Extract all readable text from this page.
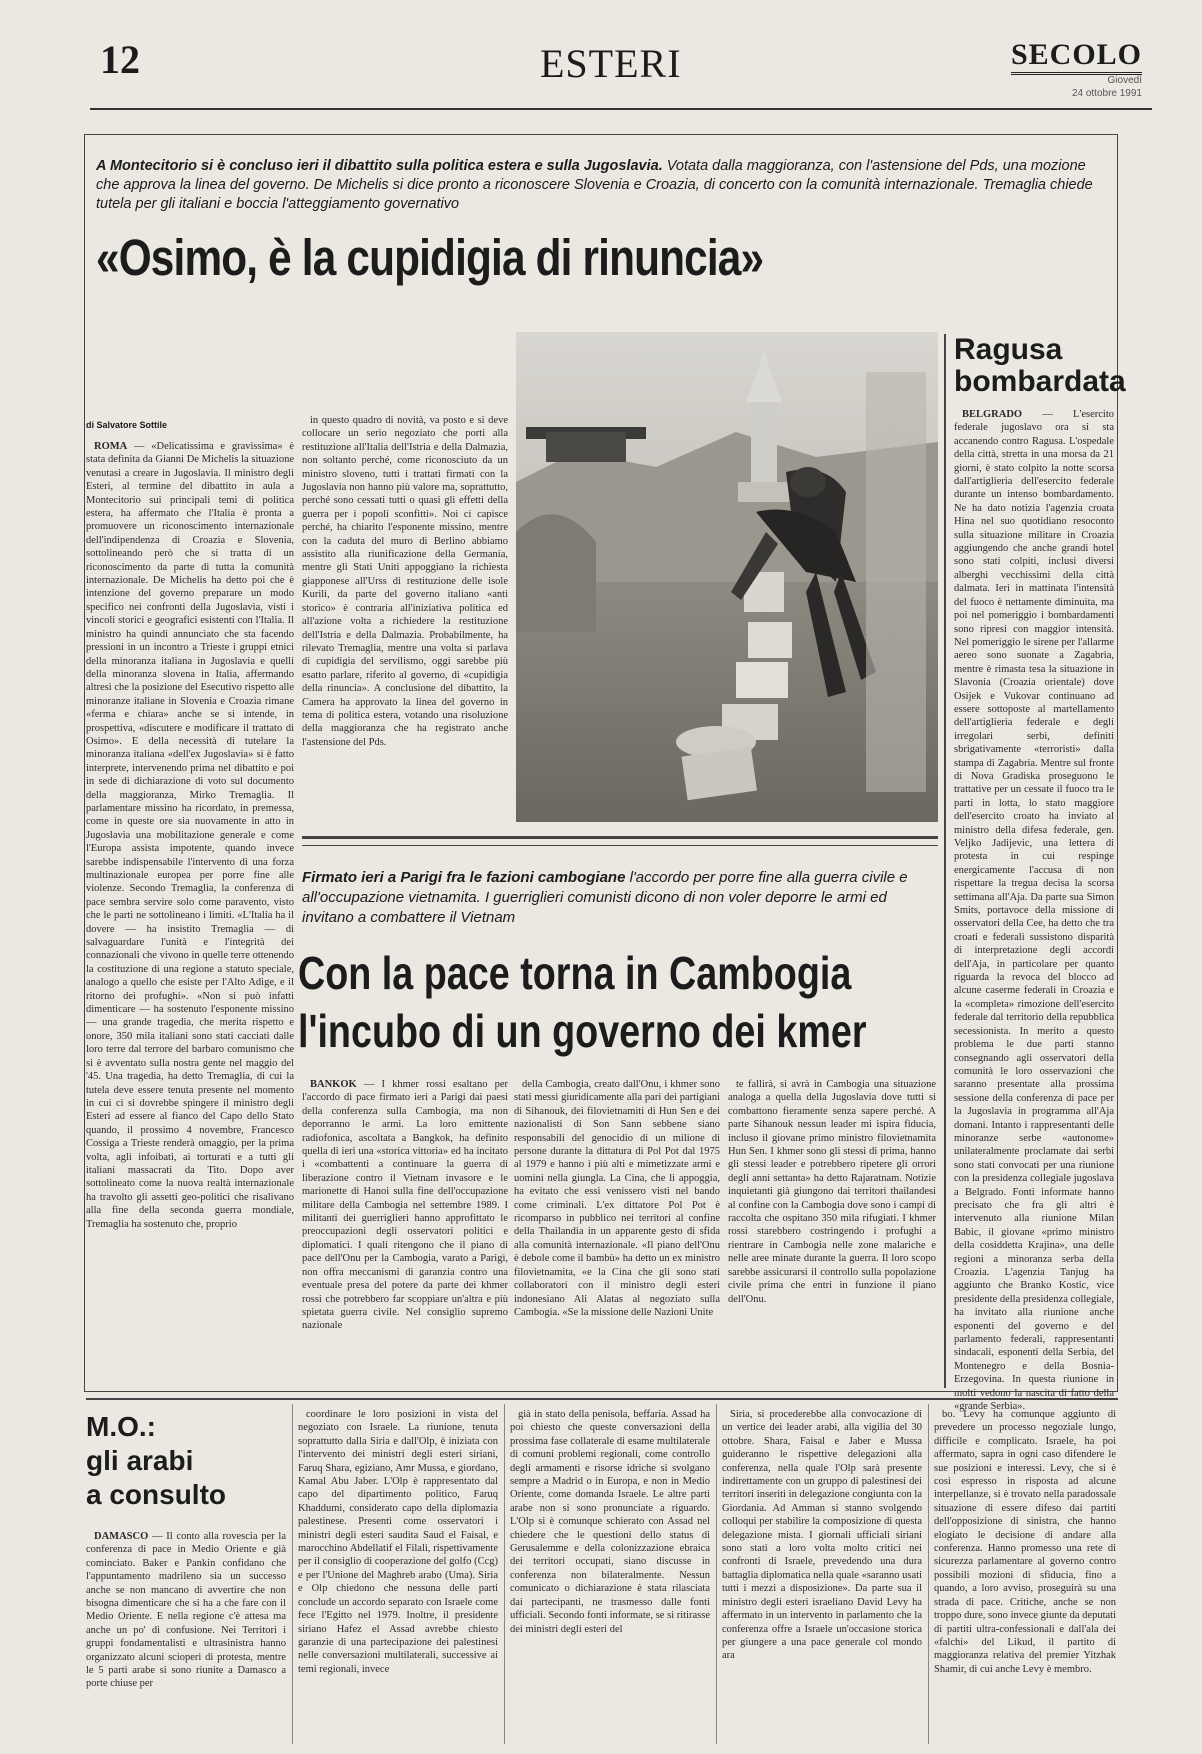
12	ESTERI	SECOLO
Giovedì
24 ottobre 1991
A Montecitorio si è concluso ieri il dibattito sulla politica estera e sulla Jugoslavia. Votata dalla maggioranza, con l'astensione del Pds, una mozione che approva la linea del governo. De Michelis si dice pronto a riconoscere Slovenia e Croazia, di concerto con la comunità internazionale. Tremaglia chiede tutela per gli italiani e boccia l'atteggiamento governativo
«Osimo, è la cupidigia di rinuncia»
di Salvatore Sottile

ROMA — «Delicatissima e gravissima» è stata definita da Gianni De Michelis la situazione venutasi a creare in Jugoslavia. Il ministro degli Esteri, al termine del dibattito in aula a Montecitorio sui principali temi di politica estera, ha affermato che l'Italia è pronta a promuovere un riconoscimento internazionale dell'indipendenza di Croazia e Slovenia, sottolineando però che si tratta di un riconoscimento da parte di tutta la comunità internazionale. De Michelis ha detto poi che è intenzione del governo preparare un modo specifico nei confronti della Jugoslavia, visti i vincoli storici e geografici esistenti con l'Italia. Il ministro ha quindi annunciato che sta facendo pressioni in un incontro a Trieste i gruppi etnici della minoranza italiana in Jugoslavia e quelli della minoranza slovena in Italia, affermando altresì che la posizione del Esecutivo rispetto alle minoranze italiane in Slovenia e Croazia rimane «ferma e chiara» anche se si intende, in prospettiva, «discutere e modificare il trattato di Osimo». E della necessità di tutelare la minoranza italiana «dell'ex Jugoslavia» si è fatto interprete, intervenendo prima nel dibattito e poi in sede di dichiarazione di voto sul documento della maggioranza, Mirko Tremaglia. Il parlamentare missino ha ricordato, in premessa, come in queste ore sia nuovamente in atto in Jugoslavia una mobilitazione generale e come l'Europa assista impotente, quando invece sarebbe indispensabile l'intervento di una forza multinazionale europea per porre fine alle violenze. Secondo Tremaglia, la conferenza di pace sembra servire solo come paravento, visto che le parti ne sottolineano i limiti. «L'Italia ha il dovere — ha insistito Tremaglia — di salvaguardare l'unità e l'integrità dei connazionali che vivono in quelle terre ottenendo la costituzione di una regione a statuto speciale, analogo a quello che esiste per l'Alto Adige, e il ritorno dei profughi». «Non si può infatti dimenticare — ha sostenuto l'esponente missino — una grande tragedia, che merita rispetto e onore, 350 mila italiani sono stati cacciati dalle loro terre dal terrore del barbaro comunismo che si è avventato sulla nostra gente nel maggio del '45. Una tragedia, ha detto Tremaglia, di cui la tutela deve essere tenuta presente nel momento in cui ci si dovrebbe spingere il ministro degli Esteri ad essere al fianco del Capo dello Stato quando, il prossimo 4 novembre, Francesco Cossiga a Trieste renderà omaggio, per la prima volta, agli infoibati, ai torturati e a tutti gli italiani massacrati da Tito. Dopo aver sottolineato come la nuova realtà internazionale ha travolto gli assetti geo-politici che risalivano alla fine della seconda guerra mondiale, Tremaglia ha sostenuto che, proprio

in questo quadro di novità, va posto e si deve collocare un serio negoziato che porti alla restituzione all'Italia dell'Istria e della Dalmazia, non soltanto perché, come riconosciuto da un ministro sloveno, tutti i trattati firmati con la Jugoslavia non hanno più valore ma, soprattutto, perché sono cessati tutti o quasi gli effetti della guerra per i popoli sconfitti». Noi ci capisce perché, ha chiarito l'esponente missino, mentre con la caduta del muro di Berlino abbiamo assistito alla riunificazione della Germania, mentre gli Stati Uniti appoggiano la richiesta giapponese all'Urss di restituzione delle isole Kurili, da parte del governo italiano «anti storico» è contraria all'iniziativa politica ed all'azione volta a richiedere la restituzione dell'Istria e della Dalmazia. Probabilmente, ha rilevato Tremaglia, mentre una volta si parlava di cupidigia del servilismo, oggi sarebbe più esatto parlare, riferito al governo, di «cupidigia della rinuncia». A conclusione del dibattito, la Camera ha approvato la linea del governo in tema di politica estera, votando una risoluzione della maggioranza che ha registrato anche l'astensione del Pds.

Firmato ieri a Parigi fra le fazioni cambogiane l'accordo per porre fine alla guerra civile e all'occupazione vietnamita. I guerriglieri comunisti dicono di non voler deporre le armi ed invitano a combattere il Vietnam
Con la pace torna in Cambogia
l'incubo di un governo dei kmer

BANKOK — I khmer rossi esaltano per l'accordo di pace firmato ieri a Parigi dai paesi della conferenza sulla Cambogia, ma non deporranno le armi. La loro emittente radiofonica, ascoltata a Bangkok, ha definito quella di ieri una «storica vittoria» ed ha incitato i «combattenti a continuare la guerra di liberazione contro il Vietnam invasore e le marionette di Hanoi sulla fine dell'occupazione militare della Cambogia nel settembre 1989. I militanti dei guerriglieri hanno approfittato le preoccupazioni degli osservatori politici e diplomatici. I quali ritengono che il piano di pace dell'Onu per la Cambogia, varato a Parigi, non offra meccanismi di garanzia contro una eventuale presa del potere da parte dei khmer rossi che potrebbero far scoppiare un'altra e più spietata guerra civile. Nel consiglio supremo nazionale

della Cambogia, creato dall'Onu, i khmer sono stati messi giuridicamente alla pari dei partigiani di Sihanouk, dei filovietnamiti di Hun Sen e dei nazionalisti di Son Sann sebbene siano responsabili del genocidio di un milione di persone durante la dittatura di Pol Pot dal 1975 al 1979 e hanno i più alti e mimetizzate armi e uomini nella giungla. La Cina, che li appoggia, ha evitato che essi venissero visti nel bando come criminali. L'ex dittatore Pol Pot è ricomparso in pubblico nei territori al confine della Thailandia in un apparente gesto di sfida alla comunità internazionale. «Il piano dell'Onu è debole come il bambù» ha detto un ex ministro filovietnamita, «e la Cina che gli sono stati collaboratori con il ministro degli esteri indonesiano Ali Alatas al negoziato sulla Cambogia. «Se la missione delle Nazioni Unite

te fallirà, si avrà in Cambogia una situazione analoga a quella della Jugoslavia dove tutti si combattono fieramente senza sapere perché. A parte Sihanouk nessun leader mi ispira fiducia, incluso il giovane primo ministro filovietnamita Hun Sen. I khmer sono gli stessi di prima, hanno gli stessi leader e potrebbero ripetere gli orrori degli anni settanta» ha detto Rajaratnam. Notizie inquietanti già giungono dai territori thailandesi al confine con la Cambogia dove sono i campi di raccolta che ospitano 350 mila rifugiati. I khmer rossi starebbero costringendo i profughi a rientrare in Cambogia nelle zone malariche e nelle aree minate durante la guerra. Il loro scopo sarebbe assicurarsi il controllo sulla popolazione civile prima che entri in funzione il piano dell'Onu.

Ragusa
bombardata

BELGRADO — L'esercito federale jugoslavo ora si sta accanendo contro Ragusa. L'ospedale della città, stretta in una morsa da 21 giorni, è stato colpito la notte scorsa dall'artiglieria dell'esercito federale durante un intenso bombardamento. Ne ha dato notizia l'agenzia croata Hina nel suo quotidiano resoconto sulla situazione militare in Croazia aggiungendo che anche grandi hotel sono stati colpiti, inclusi diversi alberghi vecchissimi della città dalmata. Ieri in mattinata l'intensità del fuoco è nettamente diminuita, ma poi nel pomeriggio i bombardamenti sono ripresi con maggior intensità. Nel pomeriggio le sirene per l'allarme aereo sono suonate a Zagabria, mentre è rimasta tesa la situazione in Slavonia (Croazia orientale) dove Osijek e Vukovar continuano ad essere sottoposte al martellamento dell'artiglieria federale e degli irregolari serbi, definiti sbrigativamente «terroristi» dalla stampa di Zagabria. Mentre sul fronte di Nova Gradiska proseguono le trattative per un cessate il fuoco tra le parti in lotta, lo stato maggiore dell'esercito croato ha inviato al ministro della difesa federale, gen. Veljko Jadijevic, una lettera di protesta in cui respinge energicamente l'accusa di non rispettare la tregua decisa la scorsa settimana all'Aja. Da parte sua Simon Smits, portavoce della missione di osservatori della Cee, ha detto che tra croati e federali sussistono disparità di interpretazione degli accordi dell'Aja, in particolare per quanto riguarda la revoca del blocco ad alcune caserme federali in Croazia e la «completa» rimozione dell'esercito federale dal territorio della repubblica secessionista. In merito a questo problema le due parti stanno consegnando agli osservatori della comunità le loro osservazioni che saranno presentate alla prossima sessione della conferenza di pace per la Jugoslavia in programma all'Aja domani. Intanto i rappresentanti delle minoranze serbe «autonome» unilateralmente proclamate dai serbi sono stati convocati per una riunione con la presidenza collegiale jugoslava a Belgrado. Fonti informate hanno precisato che fra gli altri è intervenuto alla riunione Milan Babic, il giovane «primo ministro della cosiddetta Krajina», una delle regioni a minoranza serba della Croazia. L'agenzia Tanjug ha aggiunto che Branko Kostic, vice presidente della presidenza collegiale, ha invitato alla riunione anche esponenti del governo e del parlamento federali, rappresentanti sindacali, esponenti della Serbia, del Montenegro e della Bosnia-Erzegovina. In questa riunione in molti vedono la nascita di fatto della «grande Serbia».

M.O.:
gli arabi
a consulto

DAMASCO — Il conto alla rovescia per la conferenza di pace in Medio Oriente e già cominciato. Baker e Pankin confidano che l'appuntamento madrileno sia un successo anche se non mancano di avvertire che non bisogna dimenticare che si ha a che fare con il Medio Oriente. E nella regione c'è attesa ma anche un po' di confusione. Nei Territori i gruppi fondamentalisti e ultrasinistra hanno organizzato alcuni scioperi di protesta, mentre le 5 parti arabe si sono riunite a Damasco a porte chiuse per

coordinare le loro posizioni in vista del negoziato con Israele. La riunione, tenuta soprattutto dalla Siria e dall'Olp, è iniziata con l'intervento dei ministri degli esteri siriani, Faruq Shara, egiziano, Amr Mussa, e giordano, Kamal Abu Jaber. L'Olp è rappresentato dal capo del dipartimento politico, Faruq Khaddumi, considerato capo della diplomazia palestinese. Presenti come osservatori i ministri degli esteri saudita Saud el Faisal, e marocchino Abdellatif el Filali, rispettivamente per il consiglio di cooperazione del golfo (Ccg) e per l'Unione del Maghreb arabo (Uma). Siria e Olp chiedono che nessuna delle parti conclude un accordo separato con Israele come fece l'Egitto nel 1979. Inoltre, il presidente siriano Hafez el Assad avrebbe chiesto garanzie di una partecipazione dei palestinesi nelle conversazioni multilaterali, successive ai temi regionali, invece

già in stato della penisola, beffaria. Assad ha poi chiesto che queste conversazioni della prossima fase collaterale di esame multilaterale di comuni problemi regionali, come controllo degli armamenti e risorse idriche si svolgano sempre a Madrid o in Europa, e non in Medio Oriente, come domanda Israele. Le altre parti arabe non si sono pronunciate a riguardo. L'Olp si è comunque schierato con Assad nel chiedere che le questioni dello status di Gerusalemme e della colonizzazione ebraica dei territori occupati, siano discusse in conferenza non bilateralmente. Nessun comunicato o dichiarazione è stata rilasciata dai partecipanti, ne trasmesso dalle fonti ufficiali. Secondo fonti informate, se si ritirasse dei ministri degli esteri del

Siria, si procederebbe alla convocazione di un vertice dei leader arabi, alla vigilia del 30 ottobre. Shara, Faisal e Jaber e Mussa guideranno le rispettive delegazioni alla conferenza, nella quale l'Olp sarà presente indirettamente con un gruppo di palestinesi dei territori inseriti in delegazione congiunta con la Giordania. Ad Amman si stanno svolgendo colloqui per stabilire la composizione di questa delegazione mista. I giornali ufficiali siriani sono stati a loro volta molto critici nei confronti di Israele, prevedendo una dura battaglia diplomatica nella quale «saranno usati tutti i mezzi a disposizione». Da parte sua il ministro degli esteri israeliano David Levy ha affermato in un intervento in parlamento che la conferenza offre a Israele un'occasione storica per giungere a una pace generale col mondo ara

bo. Levy ha comunque aggiunto di prevedere un processo negoziale lungo, difficile e complicato. Israele, ha poi affermato, sapra in ogni caso difendere le sue posizioni e interessi. Levy, che si è così espresso in risposta ad alcune interpellanze, si è trovato nella paradossale situazione di essere difeso dai partiti dell'opposizione di sinistra, che hanno elogiato le decisione di andare alla conferenza. Hanno promesso una rete di sicurezza parlamentare al governo contro possibili mozioni di sfiducia, fino a quando, a loro avviso, proseguirà su una strada di pace. Critiche, anche se non troppo dure, sono invece giunte da deputati di partiti ultra-confessionali e dall'ala dei «falchi» del Likud, il partito di maggioranza relativa del premier Yitzhak Shamir, di cui anche Levy è membro.
